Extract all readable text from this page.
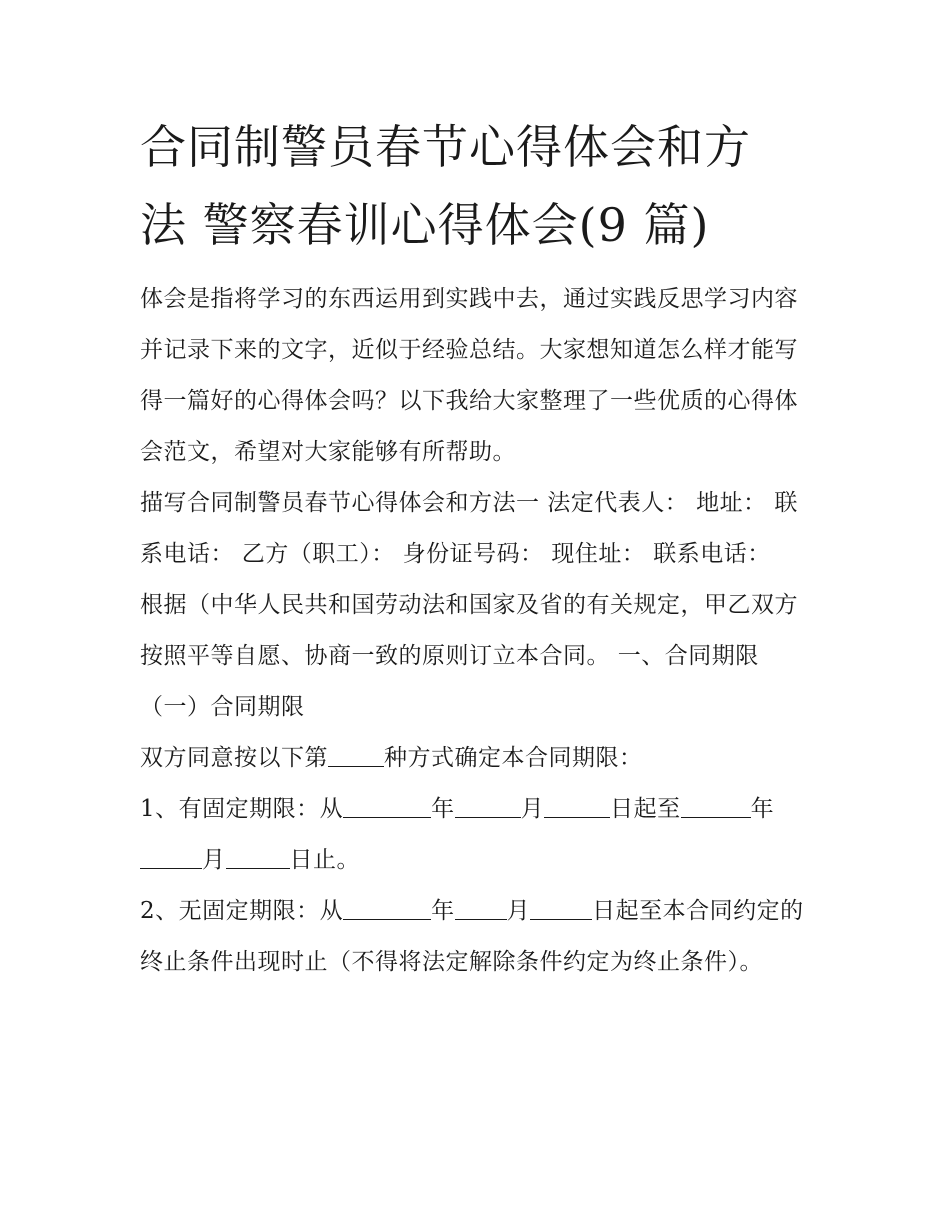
合同制警员春节心得体会和方
法 警察春训心得体会(9 篇)

体会是指将学习的东西运用到实践中去，通过实践反思学习内容并记录下来的文字，近似于经验总结。大家想知道怎么样才能写得一篇好的心得体会吗？以下我给大家整理了一些优质的心得体会范文，希望对大家能够有所帮助。

描写合同制警员春节心得体会和方法一 法定代表人： 地址： 联系电话： 乙方（职工）： 身份证号码： 现住址： 联系电话：

根据（中华人民共和国劳动法和国家及省的有关规定，甲乙双方按照平等自愿、协商一致的原则订立本合同。 一、合同期限 （一）合同期限

双方同意按以下第 种方式确定本合同期限：

1、有固定期限：从	年	月	日起至	年 月	日止。

2、无固定期限：从	年 月	日起至本合同约定的终止条件出现时止（不得将法定解除条件约定为终止条件）。
